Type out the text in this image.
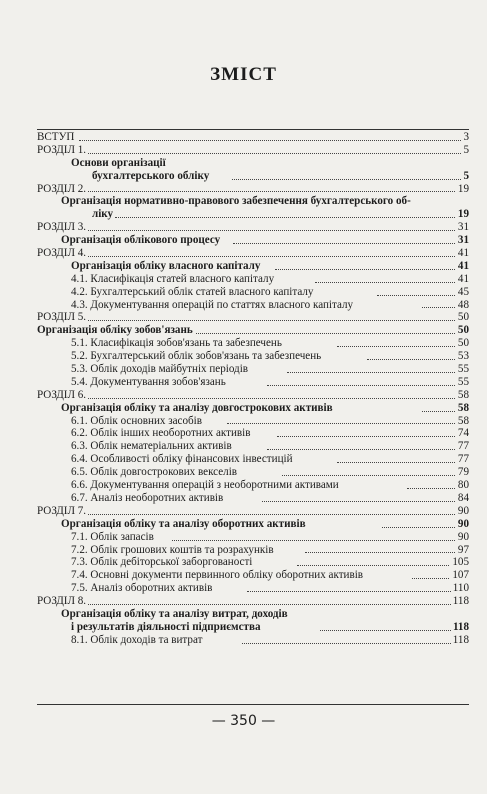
ЗМІСТ
ВСТУП	3
РОЗДІЛ 1.	5
Основи організації
бухгалтерського обліку	5
РОЗДІЛ 2.	19
Організація нормативно-правового забезпечення бухгалтерського об-
ліку	19
РОЗДІЛ 3.	31
Організація облікового процесу	31
РОЗДІЛ 4.	41
Організація обліку власного капіталу	41
4.1. Класифікація статей власного капіталу	41
4.2. Бухгалтерський облік статей власного капіталу	45
4.3. Документування операцій по статтях власного капіталу	48
РОЗДІЛ 5.	50
Організація обліку зобов'язань	50
5.1. Класифікація зобов'язань та забезпечень	50
5.2. Бухгалтерський облік зобов'язань та забезпечень	53
5.3. Облік доходів майбутніх періодів	55
5.4. Документування зобов'язань	55
РОЗДІЛ 6.	58
Організація обліку та аналізу довгострокових активів	58
6.1. Облік основних засобів	58
6.2. Облік інших необоротних активів	74
6.3. Облік нематеріальних активів	77
6.4. Особливості обліку фінансових інвестицій	77
6.5. Облік довгострокових векселів	79
6.6. Документування операцій з необоротними активами	80
6.7. Аналіз необоротних активів	84
РОЗДІЛ 7.	90
Організація обліку та аналізу оборотних активів	90
7.1. Облік запасів	90
7.2. Облік грошових коштів та розрахунків	97
7.3. Облік дебіторської заборгованості	105
7.4. Основні документи первинного обліку оборотних активів	107
7.5. Аналіз оборотних активів	110
РОЗДІЛ 8.	118
Організація обліку та аналізу витрат, доходів
і результатів діяльності підприємства	118
8.1. Облік доходів та витрат	118
— 350 —
